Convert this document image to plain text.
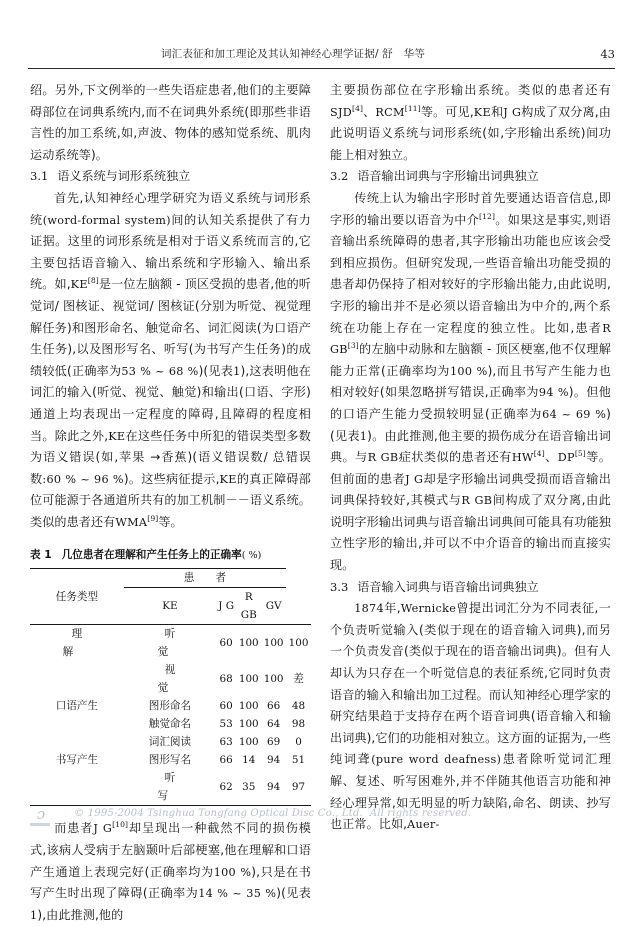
词汇表征和加工理论及其认知神经心理学证据/ 舒　华等	43

绍。另外,下文例举的一些失语症患者,他们的主要障碍部位在词典系统内,而不在词典外系统(即那些非语言性的加工系统,如,声波、物体的感知觉系统、肌肉运动系统等)。

3.1 语义系统与词形系统独立

首先,认知神经心理学研究为语义系统与词形系统(word-formal system)间的认知关系提供了有力证据。这里的词形系统是相对于语义系统而言的,它主要包括语音输入、输出系统和字形输入、输出系统。如,KE[8]是一位左脑额 - 顶区受损的患者,他的听觉词/ 图核证、视觉词/ 图核证(分别为听觉、视觉理解任务)和图形命名、触觉命名、词汇阅读(为口语产生任务),以及图形写名、听写(为书写产生任务)的成绩较低(正确率为53 % ~ 68 %)(见表1),这表明他在词汇的输入(听觉、视觉、触觉)和输出(口语、字形)通道上均表现出一定程度的障碍,且障碍的程度相当。除此之外,KE在这些任务中所犯的错误类型多数为语义错误(如,苹果 →香蕉)(语义错误数/ 总错误数:60 % ~ 96 %)。这些病征提示,KE的真正障碍部位可能源于各通道所共有的加工机制－－语义系统。类似的患者还有WMA[9]等。

表 1 几位患者在理解和产生任务上的正确率( %)
任务类型	患　　者				
	KE	J G	R GB	GV	
理　解	听　　觉	60	100	100	100
	视　　觉	68	100	100	差
口语产生	图形命名	60	100	66	48
	触觉命名	53	100	64	98
	词汇阅读	63	100	69	0
书写产生	图形写名	66	14	94	51
	听　　写	62	35	94	97

而患者J G[10]却呈现出一种截然不同的损伤模式,该病人受病于左脑颞叶后部梗塞,他在理解和口语产生通道上表现完好(正确率均为100 %),只是在书写产生时出现了障碍(正确率为14 % ~ 35 %)(见表1),由此推测,他的

主要损伤部位在字形输出系统。类似的患者还有SJD[4]、RCM[11]等。可见,KE和J G构成了双分离,由此说明语义系统与词形系统(如,字形输出系统)间功能上相对独立。

3.2 语音输出词典与字形输出词典独立

传统上认为输出字形时首先要通达语音信息,即字形的输出要以语音为中介[12]。如果这是事实,则语音输出系统障碍的患者,其字形输出功能也应该会受到相应损伤。但研究发现,一些语音输出功能受损的患者却仍保持了相对较好的字形输出能力,由此说明,字形的输出并不是必须以语音输出为中介的,两个系统在功能上存在一定程度的独立性。比如,患者R GB[3]的左脑中动脉和左脑额 - 顶区梗塞,他不仅理解能力正常(正确率均为100 %),而且书写产生能力也相对较好(如果忽略拼写错误,正确率为94 %)。但他的口语产生能力受损较明显(正确率为64 ~ 69 %)(见表1)。由此推测,他主要的损伤成分在语音输出词典。与R GB症状类似的患者还有HW[4]、DP[5]等。但前面的患者J G却是字形输出词典受损而语音输出词典保持较好,其模式与R GB间构成了双分离,由此说明字形输出词典与语音输出词典间可能具有功能独立性字形的输出,并可以不中介语音的输出而直接实现。

3.3 语音输入词典与语音输出词典独立

1874年,Wernicke曾提出词汇分为不同表征,一个负责听觉输入(类似于现在的语音输入词典),而另一个负责发音(类似于现在的语音输出词典)。但有人却认为只存在一个听觉信息的表征系统,它同时负责语音的输入和输出加工过程。而认知神经心理学家的研究结果趋于支持存在两个语音词典(语音输入和输出词典),它们的功能相对独立。这方面的证据为,一些纯词聋(pure word deafness)患者除听觉词汇理解、复述、听写困难外,并不伴随其他语言功能和神经心理异常,如无明显的听力缺陷,命名、朗读、抄写也正常。比如,Auer-

ɔ	© 1995-2004 Tsinghua Tongfang Optical Disc Co., Ltd. All rights reserved.
